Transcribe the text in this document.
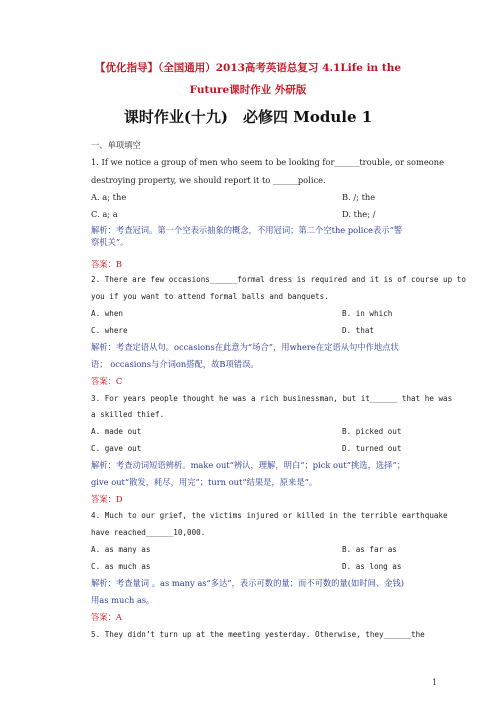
【优化指导】（全国通用）2013高考英语总复习 4.1Life in the
Future课时作业 外研版
课时作业(十九)　必修四 Module 1
一、单项填空
1. If we notice a group of men who seem to be looking for______trouble, or someone
destroying property, we should report it to ______police.
A. a; the	B. /; the
C. a; a	D. the; /
解析：考查冠词。第一个空表示抽象的概念，不用冠词；第二个空the police表示“警
察机关”。
答案：B
2. There are few occasions______formal dress is required and it is of course up to
you if you want to attend formal balls and banquets.
A. when	B. in which
C. where	D. that
解析：考查定语从句。occasions在此意为“场合”，用where在定语从句中作地点状
语； occasions与介词on搭配，故B项错误。
答案：C
3. For years people thought he was a rich businessman, but it______ that he was
a skilled thief.
A. made out	B. picked out
C. gave out	D. turned out
解析：考查动词短语辨析。make out“辨认，理解，明白”；pick out“挑选，选择”；
give out“散发，耗尽，用完”；turn out“结果是，原来是”。
答案：D
4. Much to our grief, the victims injured or killed in the terrible earthquake
have reached______10,000.
A. as many as	B. as far as
C. as much as	D. as long as
解析：考查量词 。as many as“多达”，表示可数的量；而不可数的量(如时间、金钱)
用as much as。
答案：A
5. They didn’t turn up at the meeting yesterday. Otherwise, they______the
1
